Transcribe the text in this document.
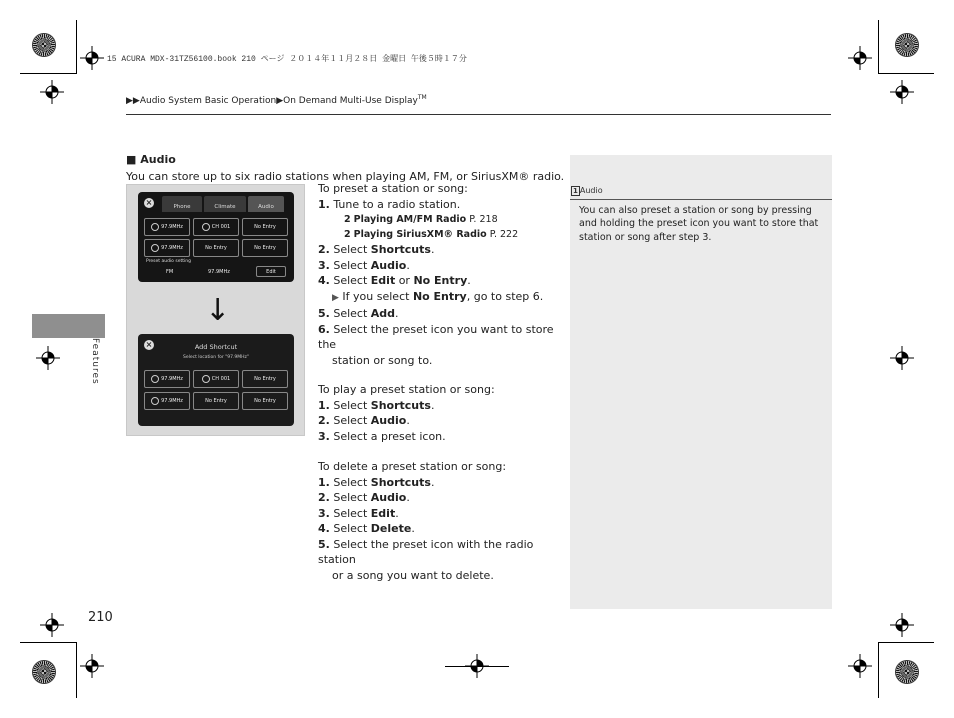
15 ACURA MDX-31TZ56100.book 210 ページ ２０１４年１１月２８日 金曜日 午後５時１７分
▶▶Audio System Basic Operation▶On Demand Multi-Use Display™
Features
■ Audio
You can store up to six radio stations when playing AM, FM, or SiriusXM® radio.
×	Phone	Climate	Audio
97.9MHz	CH 001	No Entry
97.9MHz	No Entry	No Entry
Preset audio setting
FM	97.9MHz	Edit
↓
×	Add Shortcut
Select location for "97.9MHz"
97.9MHz	CH 001	No Entry
97.9MHz	No Entry	No Entry
To preset a station or song:
1. Tune to a radio station.
2 Playing AM/FM Radio P. 218
2 Playing SiriusXM® Radio P. 222
2. Select Shortcuts.
3. Select Audio.
4. Select Edit or No Entry.
▶ If you select No Entry, go to step 6.
5. Select Add.
6. Select the preset icon you want to store the
station or song to.
To play a preset station or song:
1. Select Shortcuts.
2. Select Audio.
3. Select a preset icon.
To delete a preset station or song:
1. Select Shortcuts.
2. Select Audio.
3. Select Edit.
4. Select Delete.
5. Select the preset icon with the radio station
or a song you want to delete.
1 Audio
You can also preset a station or song by pressing and holding the preset icon you want to store that station or song after step 3.
210
